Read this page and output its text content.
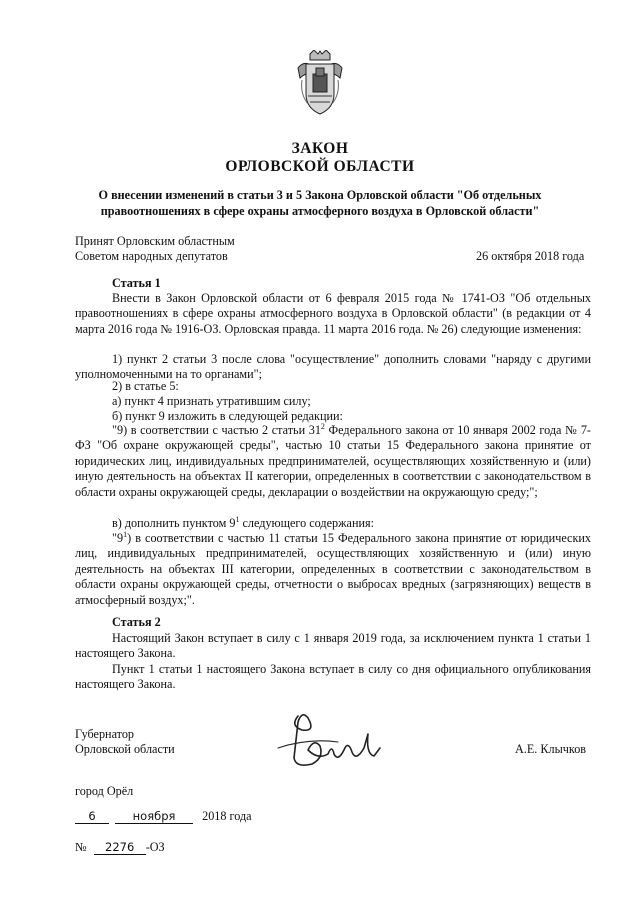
ЗАКОН
ОРЛОВСКОЙ ОБЛАСТИ
О внесении изменений в статьи 3 и 5 Закона Орловской области "Об отдельных
правоотношениях в сфере охраны атмосферного воздуха в Орловской области"
Принят Орловским областным
Советом народных депутатов	26 октября 2018 года
Статья 1
Внести в Закон Орловской области от 6 февраля 2015 года № 1741-ОЗ "Об отдельных правоотношениях в сфере охраны атмосферного воздуха в Орловской области" (в редакции от 4 марта 2016 года № 1916-ОЗ. Орловская правда. 11 марта 2016 года. № 26) следующие изменения:
1) пункт 2 статьи 3 после слова "осуществление" дополнить словами "наряду с другими уполномоченными на то органами";
2) в статье 5:
а) пункт 4 признать утратившим силу;
б) пункт 9 изложить в следующей редакции:
"9) в соответствии с частью 2 статьи $31^2$ Федерального закона от 10 января 2002 года № 7-ФЗ "Об охране окружающей среды", частью 10 статьи 15 Федерального закона принятие от юридических лиц, индивидуальных предпринимателей, осуществляющих хозяйственную и (или) иную деятельность на объектах II категории, определенных в соответствии с законодательством в области охраны окружающей среды, декларации о воздействии на окружающую среду;";
в) дополнить пунктом $9^1$ следующего содержания:
"$9^1$) в соответствии с частью 11 статьи 15 Федерального закона принятие от юридических лиц, индивидуальных предпринимателей, осуществляющих хозяйственную и (или) иную деятельность на объектах III категории, определенных в соответствии с законодательством в области охраны окружающей среды, отчетности о выбросах вредных (загрязняющих) веществ в атмосферный воздух;".
Статья 2
Настоящий Закон вступает в силу с 1 января 2019 года, за исключением пункта 1 статьи 1 настоящего Закона.
Пункт 1 статьи 1 настоящего Закона вступает в силу со дня официального опубликования настоящего Закона.
Губернатор
Орловской области	А.Е. Клычков
город Орёл
6	ноября 2018 года
№ 2276 -ОЗ
